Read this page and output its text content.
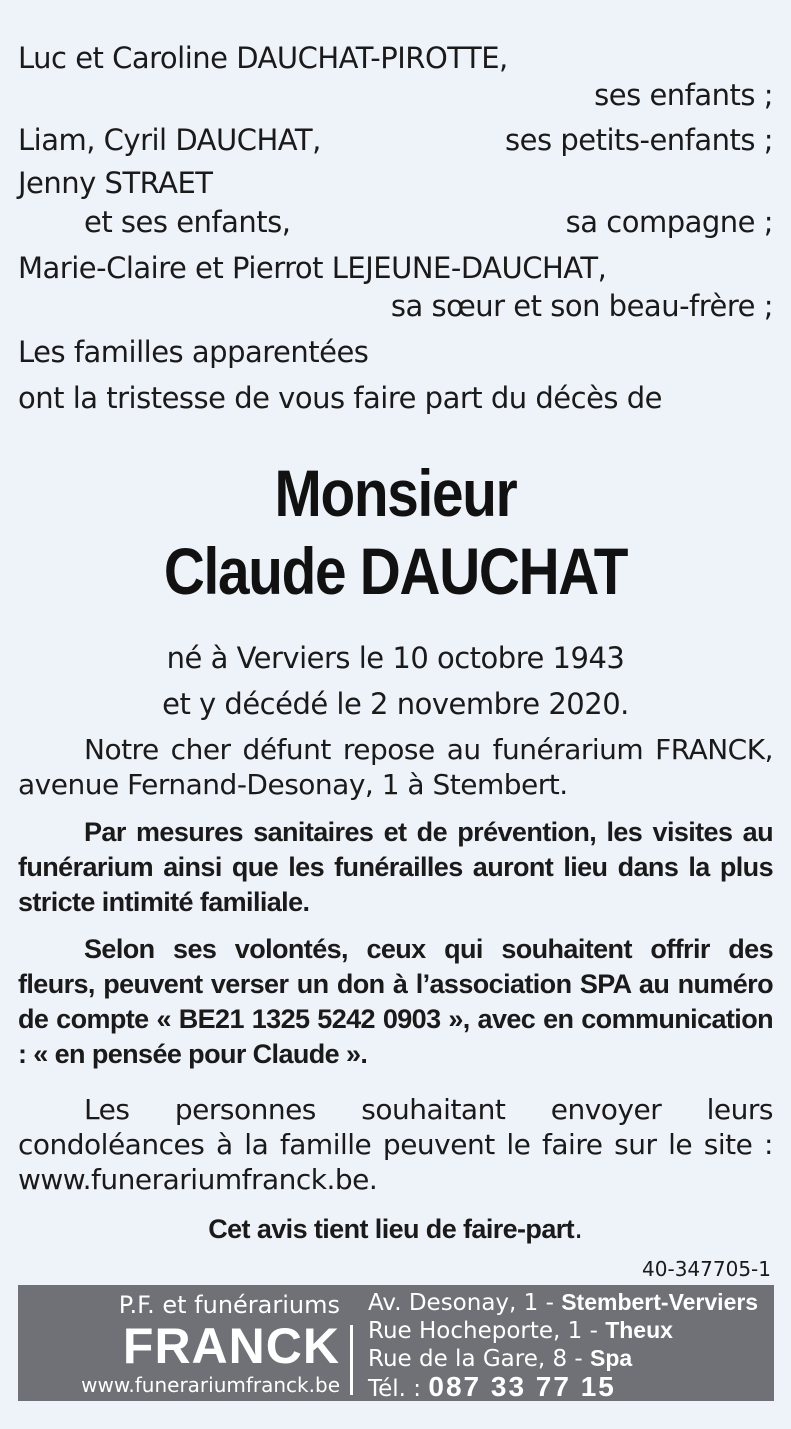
Luc et Caroline DAUCHAT-PIROTTE,
ses enfants ;
Liam, Cyril DAUCHAT,	ses petits-enfants ;
Jenny STRAET
et ses enfants,	sa compagne ;
Marie-Claire et Pierrot LEJEUNE-DAUCHAT,
sa sœur et son beau-frère ;
Les familles apparentées
ont la tristesse de vous faire part du décès de
Monsieur
Claude DAUCHAT
né à Verviers le 10 octobre 1943
et y décédé le 2 novembre 2020.
Notre cher défunt repose au funérarium FRANCK, avenue Fernand-Desonay, 1 à Stembert.
Par mesures sanitaires et de prévention, les visites au funérarium ainsi que les funérailles auront lieu dans la plus stricte intimité familiale.
Selon ses volontés, ceux qui souhaitent offrir des fleurs, peuvent verser un don à l’association SPA au numéro de compte « BE21 1325 5242 0903 », avec en communication : « en pensée pour Claude ».
Les personnes souhaitant envoyer leurs condoléances à la famille peuvent le faire sur le site : www.funerariumfranck.be.
Cet avis tient lieu de faire-part.
40-347705-1
P.F. et funérariums
FRANCK
www.funerariumfranck.be
Av. Desonay, 1 - Stembert-Verviers
Rue Hocheporte, 1 - Theux
Rue de la Gare, 8 - Spa
Tél. : 087 33 77 15
